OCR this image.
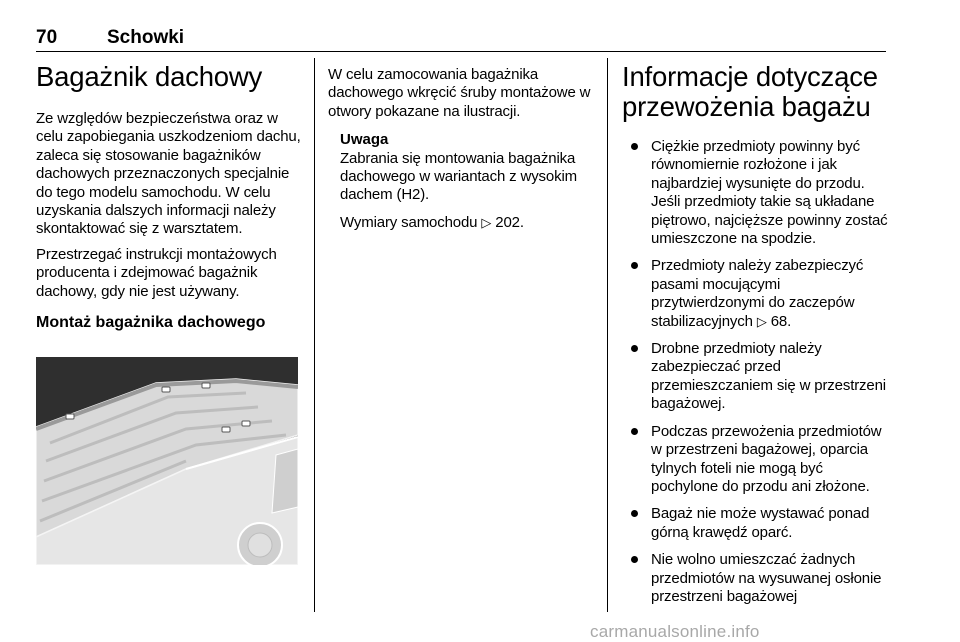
70	Schowki
Bagażnik dachowy

Ze względów bezpieczeństwa oraz w celu zapobiegania uszkodzeniom dachu, zaleca się stosowanie bagażników dachowych przeznaczonych specjalnie do tego modelu samochodu. W celu uzyskania dalszych informacji należy skontaktować się z warsztatem.

Przestrzegać instrukcji montażowych producenta i zdejmować bagażnik dachowy, gdy nie jest używany.

Montaż bagażnika dachowego

W celu zamocowania bagażnika dachowego wkręcić śruby montażowe w otwory pokazane na ilustracji.

Uwaga

Zabrania się montowania bagażnika dachowego w wariantach z wysokim dachem (H2).

Wymiary samochodu ▷ 202.

Informacje dotyczące przewożenia bagażu
Ciężkie przedmioty powinny być równomiernie rozłożone i jak najbardziej wysunięte do przodu. Jeśli przedmioty takie są układane piętrowo, najcięższe powinny zostać umieszczone na spodzie.
Przedmioty należy zabezpieczyć pasami mocującymi przytwierdzonymi do zaczepów stabilizacyjnych ▷ 68.
Drobne przedmioty należy zabezpieczać przed przemieszczaniem się w przestrzeni bagażowej.
Podczas przewożenia przedmiotów w przestrzeni bagażowej, oparcia tylnych foteli nie mogą być pochylone do przodu ani złożone.
Bagaż nie może wystawać ponad górną krawędź oparć.
Nie wolno umieszczać żadnych przedmiotów na wysuwanej osłonie przestrzeni bagażowej
carmanualsonline.info
